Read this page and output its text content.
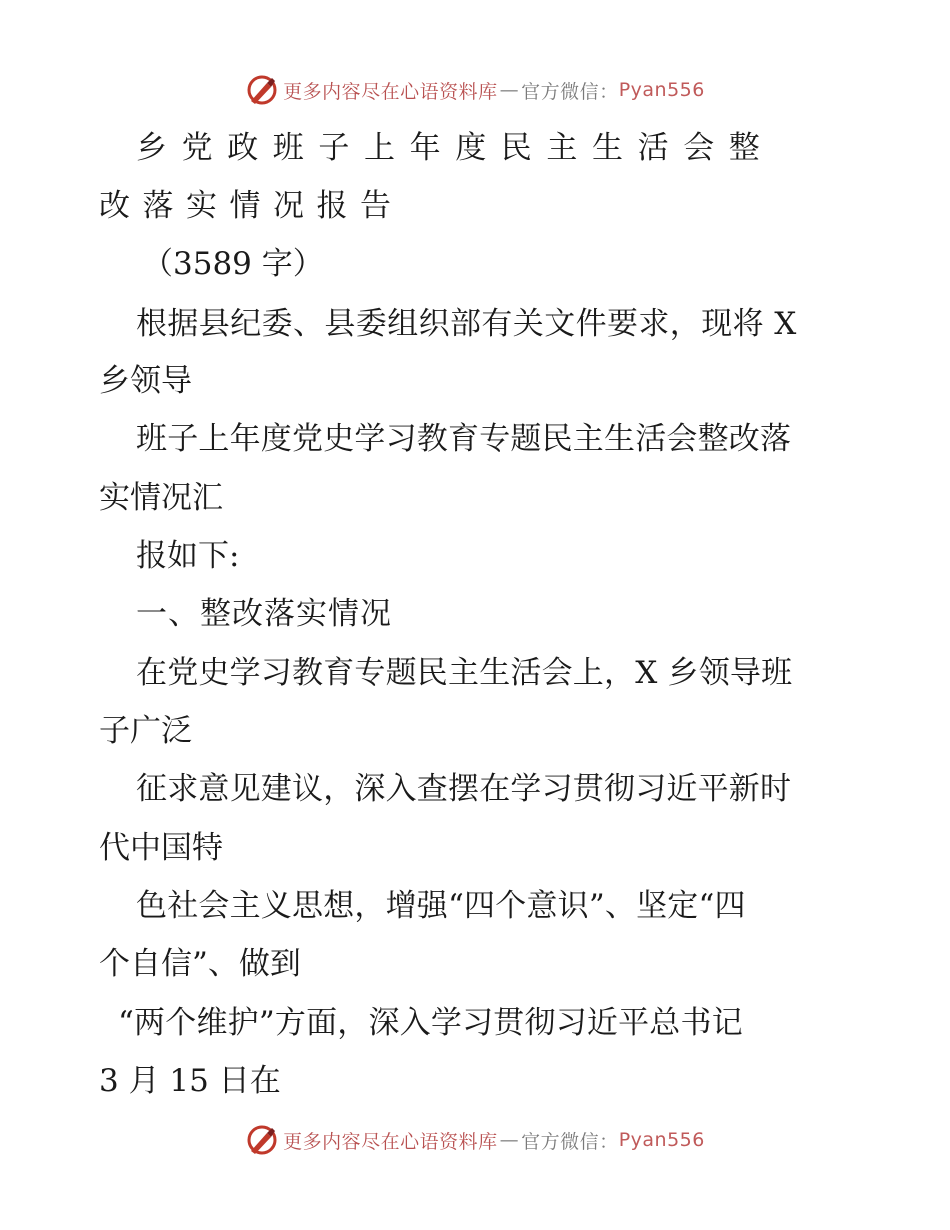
更多内容尽在心语资料库 — 官方微信： Pyan556
乡党政班子上年度民主生活会整
改落实情况报告
（3589 字）
根据县纪委、县委组织部有关文件要求，现将 X
乡领导
班子上年度党史学习教育专题民主生活会整改落
实情况汇
报如下:
一、整改落实情况
在党史学习教育专题民主生活会上，X 乡领导班
子广泛
征求意见建议，深入查摆在学习贯彻习近平新时
代中国特
色社会主义思想，增强“四个意识”、坚定“四
个自信”、做到
“两个维护”方面，深入学习贯彻习近平总书记
3 月 15 日在
更多内容尽在心语资料库 — 官方微信： Pyan556
